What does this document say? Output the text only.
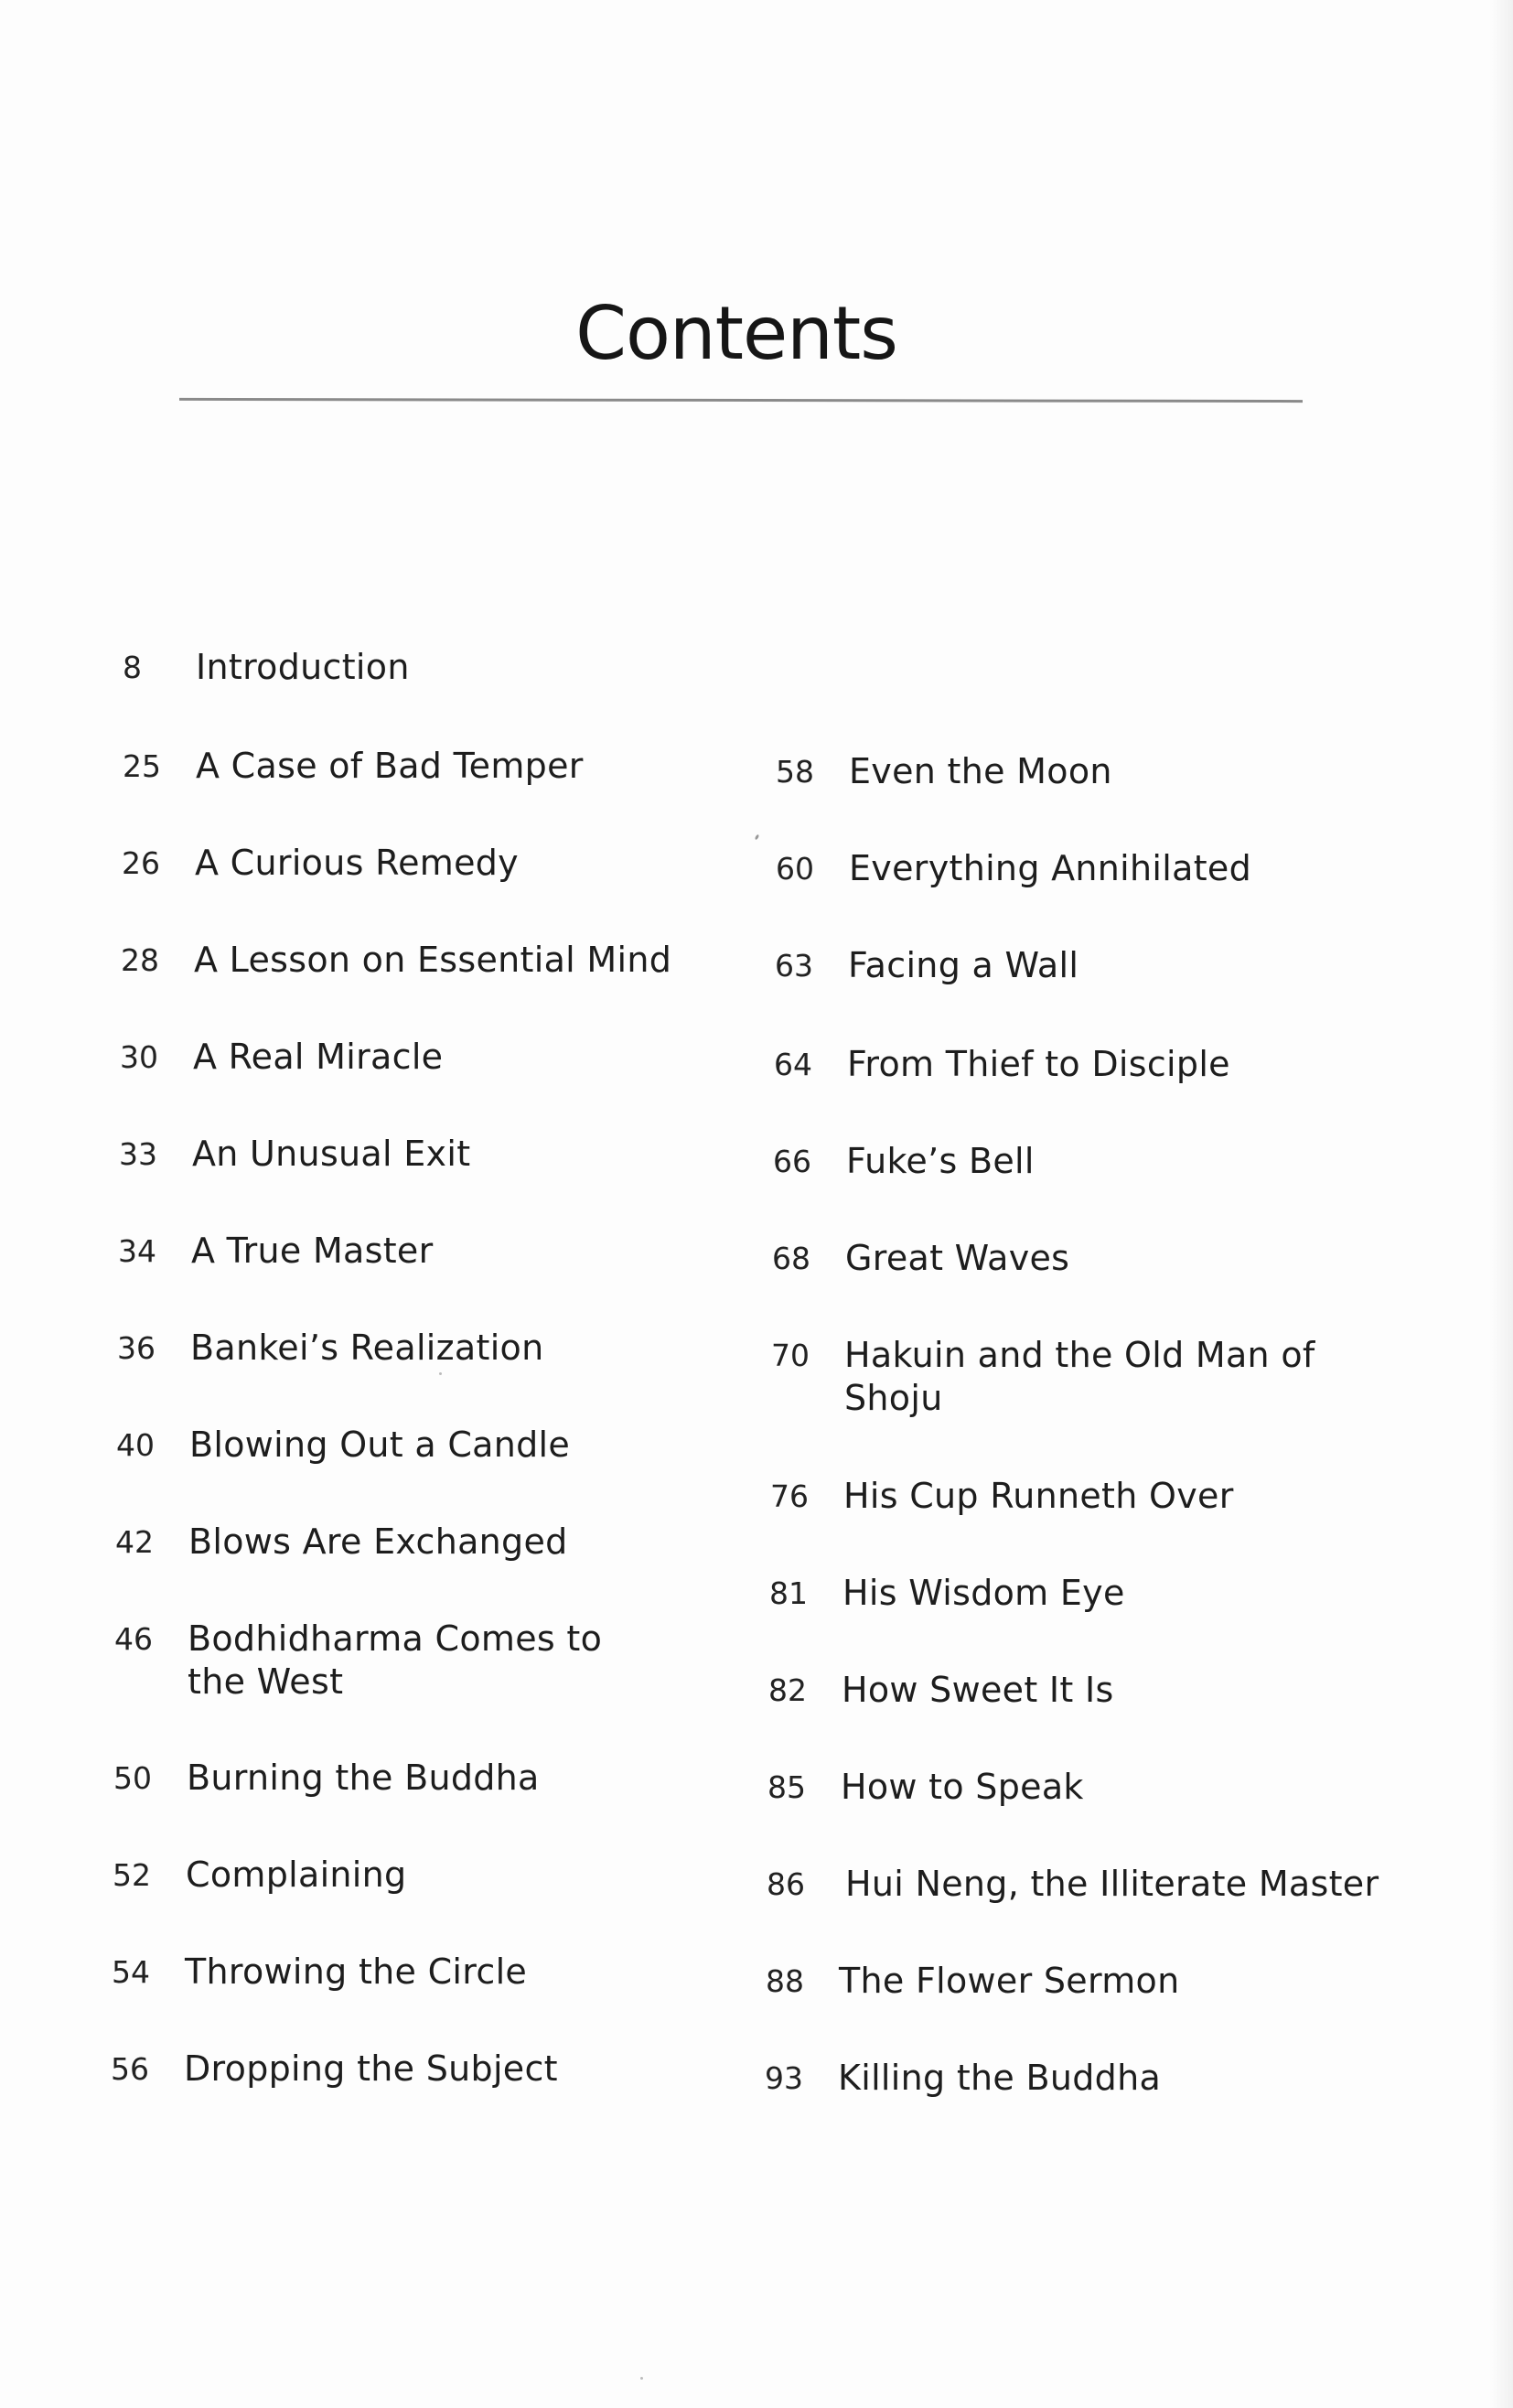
Contents
8	Introduction
25	A Case of Bad Temper
26	A Curious Remedy
28	A Lesson on Essential Mind
30	A Real Miracle
33	An Unusual Exit
34	A True Master
36	Bankei’s Realization
40	Blowing Out a Candle
42	Blows Are Exchanged
46	Bodhidharma Comes to the West
50	Burning the Buddha
52	Complaining
54	Throwing the Circle
56	Dropping the Subject
58	Even the Moon
60	Everything Annihilated
63	Facing a Wall
64	From Thief to Disciple
66	Fuke’s Bell
68	Great Waves
70	Hakuin and the Old Man of Shoju
76	His Cup Runneth Over
81	His Wisdom Eye
82	How Sweet It Is
85	How to Speak
86	Hui Neng, the Illiterate Master
88	The Flower Sermon
93	Killing the Buddha
